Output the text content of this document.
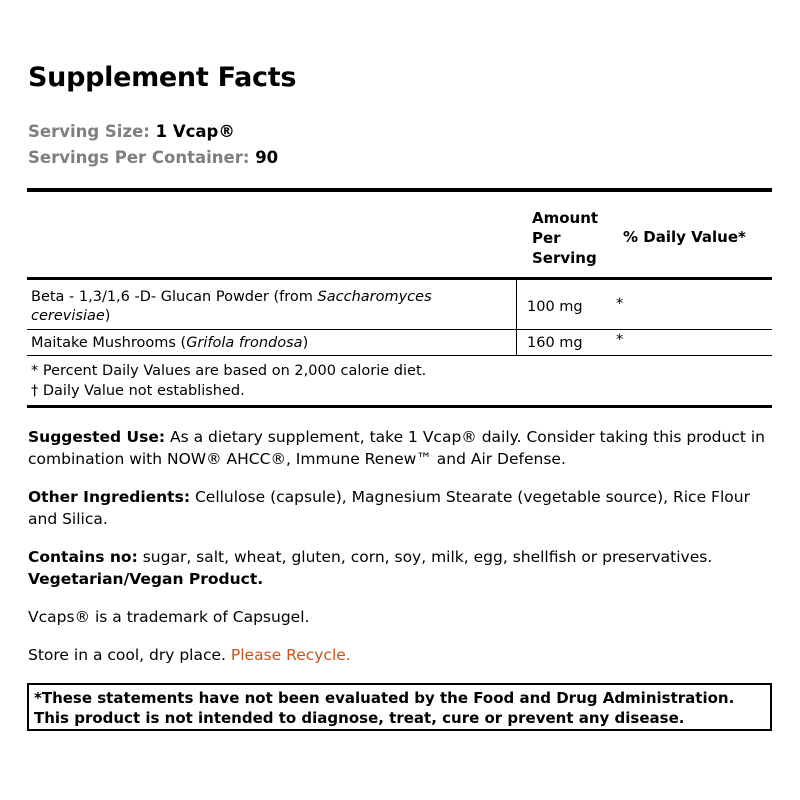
Supplement Facts
Serving Size: 1 Vcap®
Servings Per Container: 90
Amount
Per
Serving
% Daily Value*
Beta - 1,3/1,6 -D- Glucan Powder (from Saccharomyces cerevisiae)
100 mg *
Maitake Mushrooms (Grifola frondosa)	160 mg *
* Percent Daily Values are based on 2,000 calorie diet.
† Daily Value not established.
Suggested Use: As a dietary supplement, take 1 Vcap® daily. Consider taking this product in combination with NOW® AHCC®, Immune Renew™ and Air Defense.
Other Ingredients: Cellulose (capsule), Magnesium Stearate (vegetable source), Rice Flour and Silica.
Contains no: sugar, salt, wheat, gluten, corn, soy, milk, egg, shellfish or preservatives. Vegetarian/Vegan Product.
Vcaps® is a trademark of Capsugel.
Store in a cool, dry place. Please Recycle.
*These statements have not been evaluated by the Food and Drug Administration.
This product is not intended to diagnose, treat, cure or prevent any disease.
